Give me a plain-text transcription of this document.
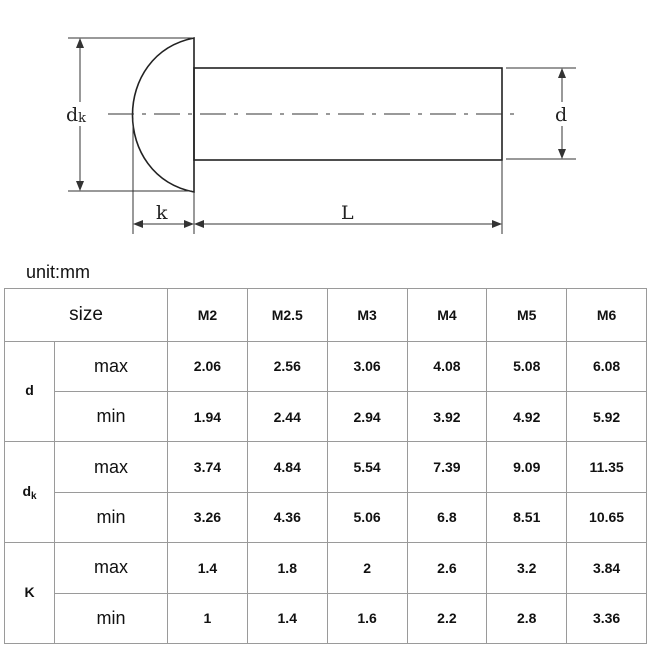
dk	d
k	L
unit:mm
size		M2	M2.5	M3	M4	M5	M6
d	max	2.06	2.56	3.06	4.08	5.08	6.08
	min	1.94	2.44	2.94	3.92	4.92	5.92
$d_k$	max	3.74	4.84	5.54	7.39	9.09	11.35
	min	3.26	4.36	5.06	6.8	8.51	10.65
K	max	1.4	1.8	2	2.6	3.2	3.84
	min	1	1.4	1.6	2.2	2.8	3.36
